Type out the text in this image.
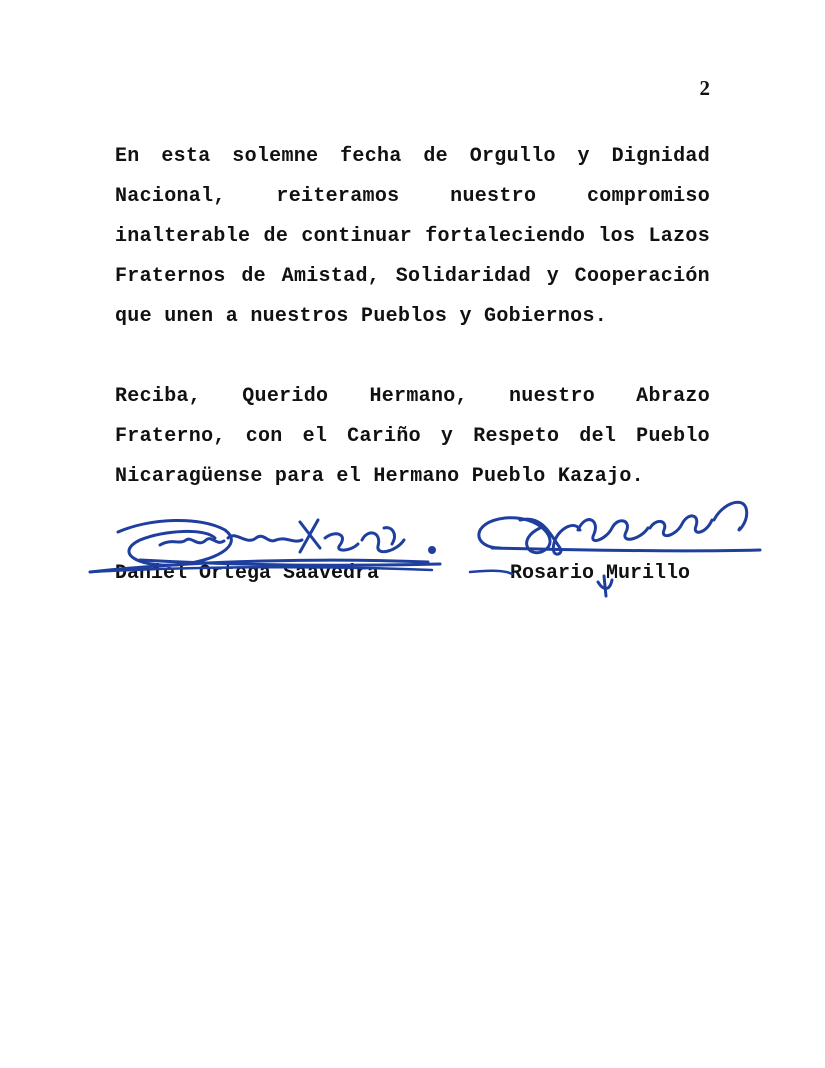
2

En esta solemne fecha de Orgullo y Dignidad Nacional, reiteramos nuestro compromiso inalterable de continuar fortaleciendo los Lazos Fraternos de Amistad, Solidaridad y Cooperación que unen a nuestros Pueblos y Gobiernos.

Reciba, Querido Hermano, nuestro Abrazo Fraterno, con el Cariño y Respeto del Pueblo Nicaragüense para el Hermano Pueblo Kazajo.

Daniel Ortega Saavedra	Rosario Murillo
